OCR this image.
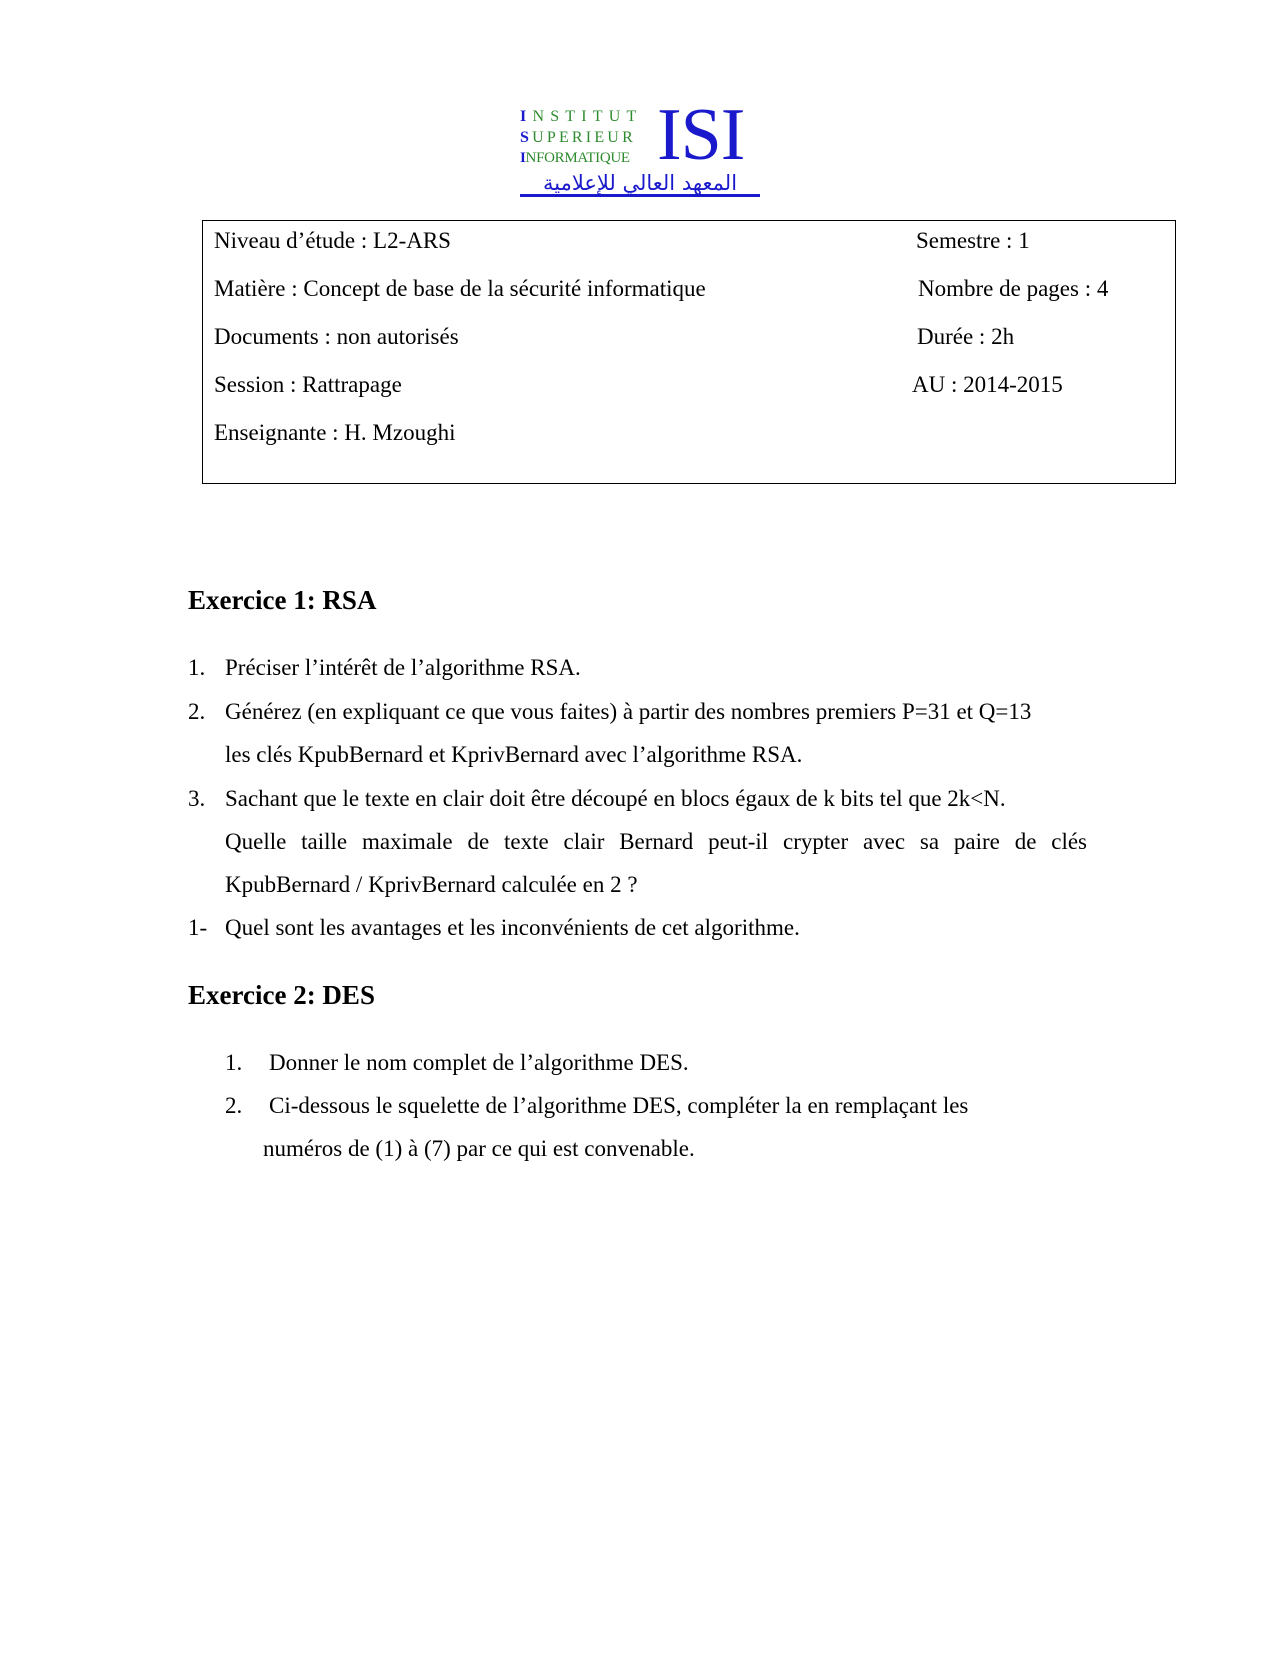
INSTITUT
SUPERIEUR
INFORMATIQUE ISI
المعهد العالي للإعلامية
Niveau d’étude : L2-ARS	Semestre : 1
Matière : Concept de base de la sécurité informatique	Nombre de pages : 4
Documents : non autorisés	Durée : 2h
Session : Rattrapage	AU : 2014-2015
Enseignante : H. Mzoughi
Exercice 1: RSA
1. Préciser l’intérêt de l’algorithme RSA.
2. Générez (en expliquant ce que vous faites) à partir des nombres premiers P=31 et Q=13
les clés KpubBernard et KprivBernard avec l’algorithme RSA.
3. Sachant que le texte en clair doit être découpé en blocs égaux de k bits tel que 2k<N.
Quelle taille maximale de texte clair Bernard peut-il crypter avec sa paire de clés
KpubBernard / KprivBernard calculée en 2 ?
1- Quel sont les avantages et les inconvénients de cet algorithme.
Exercice 2: DES
1. Donner le nom complet de l’algorithme DES.
2. Ci-dessous le squelette de l’algorithme DES, compléter la en remplaçant les
numéros de (1) à (7) par ce qui est convenable.
